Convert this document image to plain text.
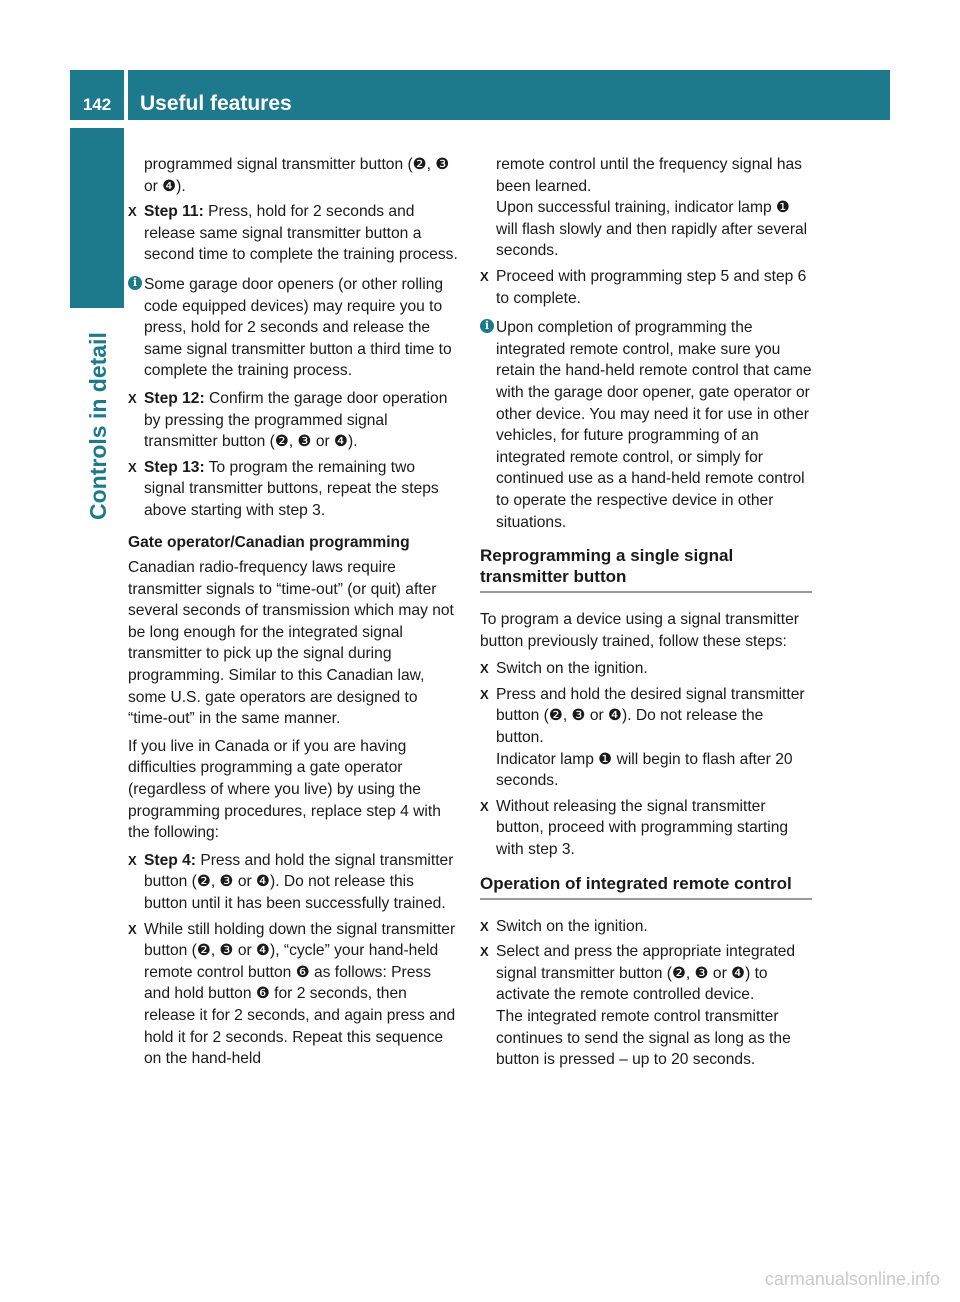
142	Useful features
Controls in detail

programmed signal transmitter button (❷, ❸ or ❹).

X Step 11: Press, hold for 2 seconds and release same signal transmitter button a second time to complete the training process.
i Some garage door openers (or other rolling code equipped devices) may require you to press, hold for 2 seconds and release the same signal transmitter button a third time to complete the training process.
X Step 12: Confirm the garage door operation by pressing the programmed signal transmitter button (❷, ❸ or ❹).
X Step 13: To program the remaining two signal transmitter buttons, repeat the steps above starting with step 3.

Gate operator/Canadian programming

Canadian radio-frequency laws require transmitter signals to “time-out” (or quit) after several seconds of transmission which may not be long enough for the integrated signal transmitter to pick up the signal during programming. Similar to this Canadian law, some U.S. gate operators are designed to “time-out” in the same manner.

If you live in Canada or if you are having difficulties programming a gate operator (regardless of where you live) by using the programming procedures, replace step 4 with the following:

X Step 4: Press and hold the signal transmitter button (❷, ❸ or ❹). Do not release this button until it has been successfully trained.
X While still holding down the signal transmitter button (❷, ❸ or ❹), “cycle” your hand-held remote control button ❻ as follows: Press and hold button ❻ for 2 seconds, then release it for 2 seconds, and again press and hold it for 2 seconds. Repeat this sequence on the hand-held

remote control until the frequency signal has been learned.

Upon successful training, indicator lamp ❶ will flash slowly and then rapidly after several seconds.

X Proceed with programming step 5 and step 6 to complete.
i Upon completion of programming the integrated remote control, make sure you retain the hand-held remote control that came with the garage door opener, gate operator or other device. You may need it for use in other vehicles, for future programming of an integrated remote control, or simply for continued use as a hand-held remote control to operate the respective device in other situations.
Reprogramming a single signal transmitter button

To program a device using a signal transmitter button previously trained, follow these steps:

X Switch on the ignition.
X Press and hold the desired signal transmitter button (❷, ❸ or ❹). Do not release the button.

Indicator lamp ❶ will begin to flash after 20 seconds.

X Without releasing the signal transmitter button, proceed with programming starting with step 3.
Operation of integrated remote control
X Switch on the ignition.
X Select and press the appropriate integrated signal transmitter button (❷, ❸ or ❹) to activate the remote controlled device.

The integrated remote control transmitter continues to send the signal as long as the button is pressed – up to 20 seconds.

carmanualsonline.info
